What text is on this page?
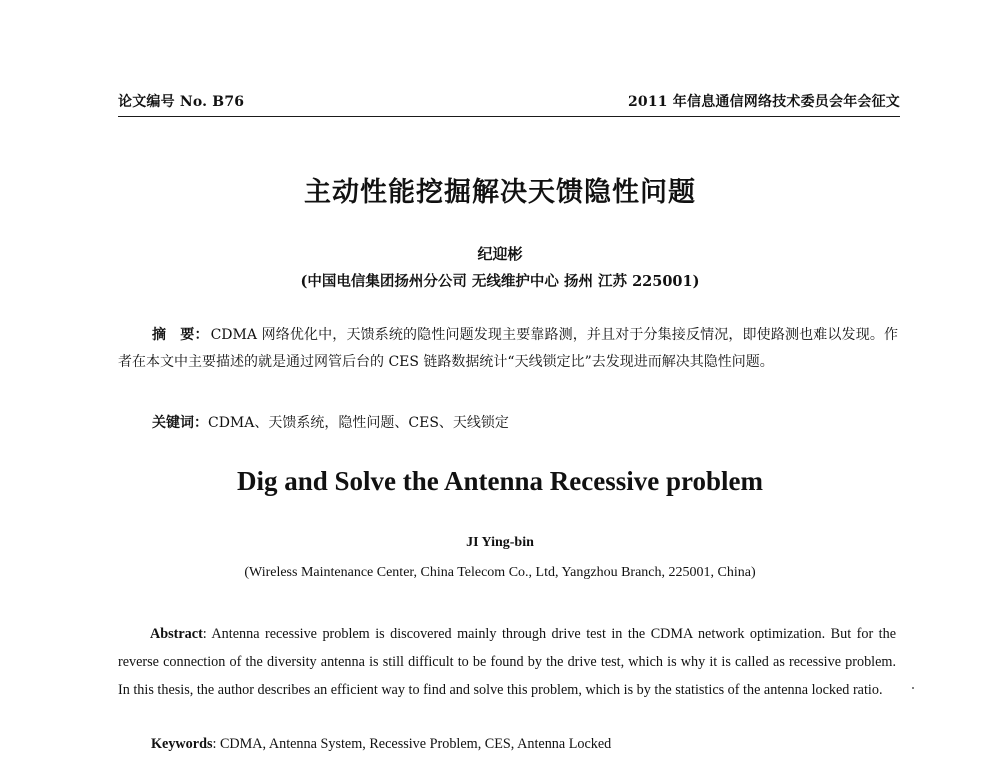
论文编号 No. B76	2011 年信息通信网络技术委员会年会征文
主动性能挖掘解决天馈隐性问题
纪迎彬
(中国电信集团扬州分公司 无线维护中心 扬州 江苏 225001)
摘　要： CDMA 网络优化中，天馈系统的隐性问题发现主要靠路测，并且对于分集接反情况，即使路测也难以发现。作者在本文中主要描述的就是通过网管后台的 CES 链路数据统计“天线锁定比”去发现进而解决其隐性问题。
关键词：CDMA、天馈系统，隐性问题、CES、天线锁定
Dig and Solve the Antenna Recessive problem
JI Ying-bin
(Wireless Maintenance Center, China Telecom Co., Ltd, Yangzhou Branch, 225001, China)
Abstract: Antenna recessive problem is discovered mainly through drive test in the CDMA network optimization. But for the reverse connection of the diversity antenna is still difficult to be found by the drive test, which is why it is called as recessive problem. In this thesis, the author describes an efficient way to find and solve this problem, which is by the statistics of the antenna locked ratio.
Keywords: CDMA, Antenna System, Recessive Problem, CES, Antenna Locked
